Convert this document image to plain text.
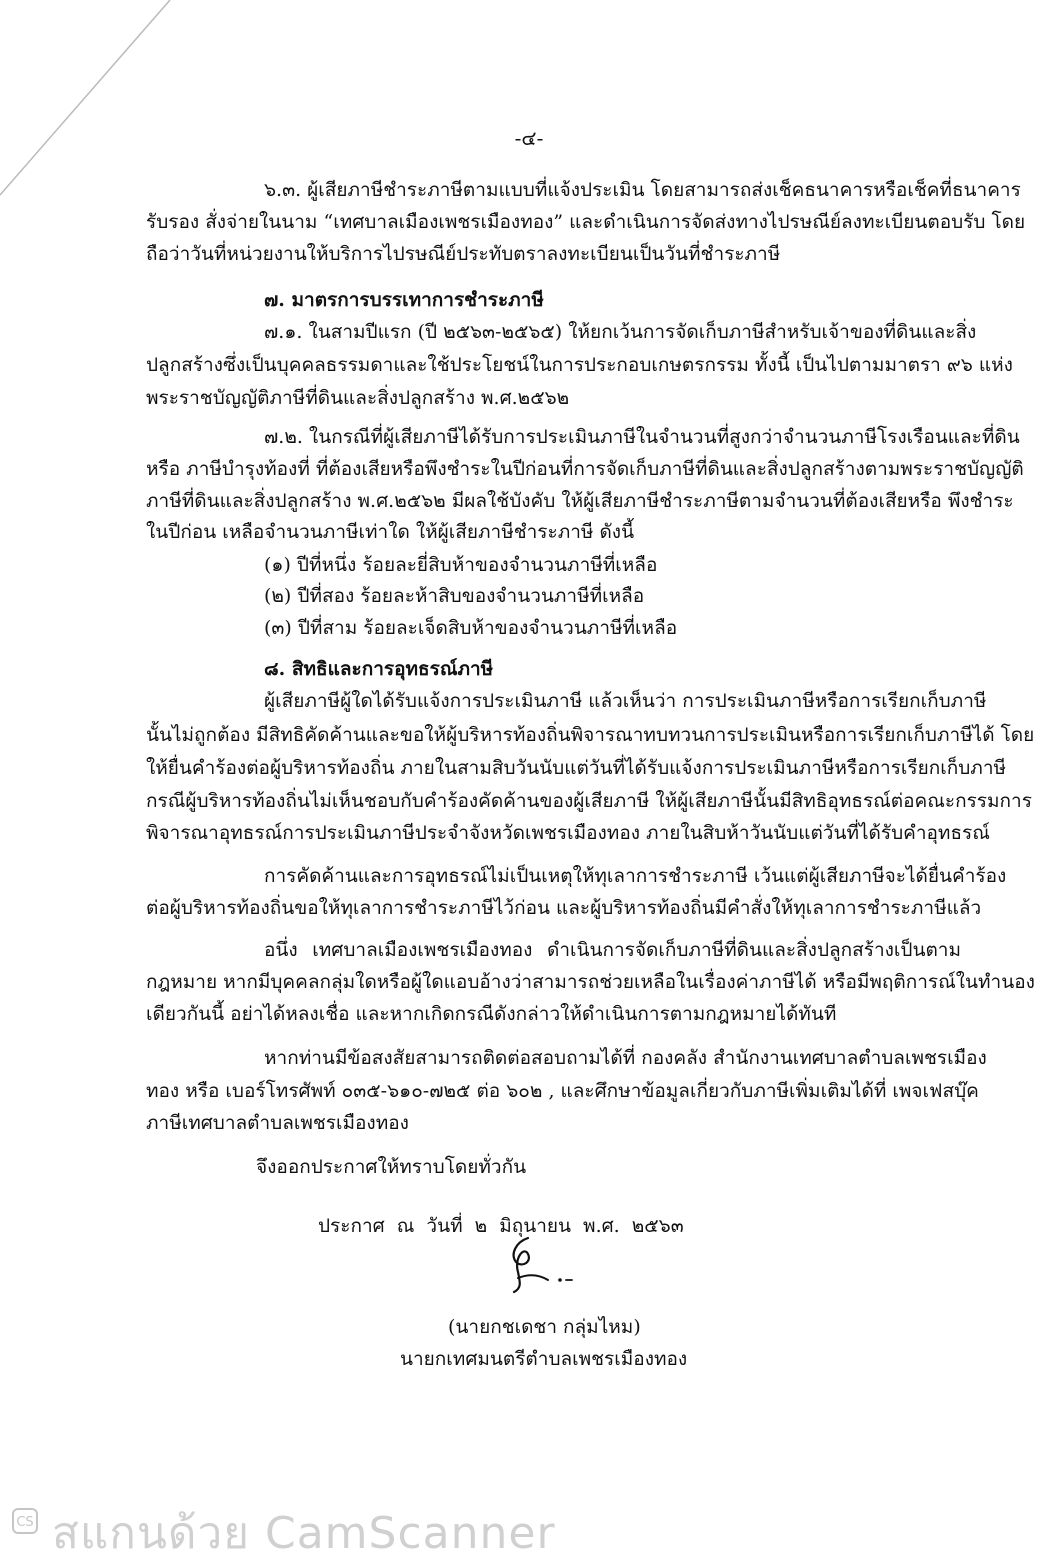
-๔-
๖.๓. ผู้เสียภาษีชำระภาษีตามแบบที่แจ้งประเมิน โดยสามารถส่งเช็คธนาคารหรือเช็คที่ธนาคาร
รับรอง สั่งจ่ายในนาม “เทศบาลเมืองเพชรเมืองทอง” และดำเนินการจัดส่งทางไปรษณีย์ลงทะเบียนตอบรับ โดย
ถือว่าวันที่หน่วยงานให้บริการไปรษณีย์ประทับตราลงทะเบียนเป็นวันที่ชำระภาษี
๗. มาตรการบรรเทาการชำระภาษี
๗.๑. ในสามปีแรก (ปี ๒๕๖๓-๒๕๖๕) ให้ยกเว้นการจัดเก็บภาษีสำหรับเจ้าของที่ดินและสิ่ง
ปลูกสร้างซึ่งเป็นบุคคลธรรมดาและใช้ประโยชน์ในการประกอบเกษตรกรรม ทั้งนี้ เป็นไปตามมาตรา ๙๖ แห่ง
พระราชบัญญัติภาษีที่ดินและสิ่งปลูกสร้าง พ.ศ.๒๕๖๒
๗.๒. ในกรณีที่ผู้เสียภาษีได้รับการประเมินภาษีในจำนวนที่สูงกว่าจำนวนภาษีโรงเรือนและที่ดิน
หรือ ภาษีบำรุงท้องที่ ที่ต้องเสียหรือพึงชำระในปีก่อนที่การจัดเก็บภาษีที่ดินและสิ่งปลูกสร้างตามพระราชบัญญัติ
ภาษีที่ดินและสิ่งปลูกสร้าง พ.ศ.๒๕๖๒ มีผลใช้บังคับ ให้ผู้เสียภาษีชำระภาษีตามจำนวนที่ต้องเสียหรือ พึงชำระ
ในปีก่อน เหลือจำนวนภาษีเท่าใด ให้ผู้เสียภาษีชำระภาษี ดังนี้
(๑) ปีที่หนึ่ง ร้อยละยี่สิบห้าของจำนวนภาษีที่เหลือ
(๒) ปีที่สอง ร้อยละห้าสิบของจำนวนภาษีที่เหลือ
(๓) ปีที่สาม ร้อยละเจ็ดสิบห้าของจำนวนภาษีที่เหลือ
๘. สิทธิและการอุทธรณ์ภาษี
ผู้เสียภาษีผู้ใดได้รับแจ้งการประเมินภาษี แล้วเห็นว่า การประเมินภาษีหรือการเรียกเก็บภาษี
นั้นไม่ถูกต้อง มีสิทธิคัดค้านและขอให้ผู้บริหารท้องถิ่นพิจารณาทบทวนการประเมินหรือการเรียกเก็บภาษีได้ โดย
ให้ยื่นคำร้องต่อผู้บริหารท้องถิ่น ภายในสามสิบวันนับแต่วันที่ได้รับแจ้งการประเมินภาษีหรือการเรียกเก็บภาษี
กรณีผู้บริหารท้องถิ่นไม่เห็นชอบกับคำร้องคัดค้านของผู้เสียภาษี ให้ผู้เสียภาษีนั้นมีสิทธิอุทธรณ์ต่อคณะกรรมการ
พิจารณาอุทธรณ์การประเมินภาษีประจำจังหวัดเพชรเมืองทอง ภายในสิบห้าวันนับแต่วันที่ได้รับคำอุทธรณ์
การคัดค้านและการอุทธรณ์ไม่เป็นเหตุให้ทุเลาการชำระภาษี เว้นแต่ผู้เสียภาษีจะได้ยื่นคำร้อง
ต่อผู้บริหารท้องถิ่นขอให้ทุเลาการชำระภาษีไว้ก่อน และผู้บริหารท้องถิ่นมีคำสั่งให้ทุเลาการชำระภาษีแล้ว
อนึ่ง เทศบาลเมืองเพชรเมืองทอง ดำเนินการจัดเก็บภาษีที่ดินและสิ่งปลูกสร้างเป็นตาม
กฎหมาย หากมีบุคคลกลุ่มใดหรือผู้ใดแอบอ้างว่าสามารถช่วยเหลือในเรื่องค่าภาษีได้ หรือมีพฤติการณ์ในทำนอง
เดียวกันนี้ อย่าได้หลงเชื่อ และหากเกิดกรณีดังกล่าวให้ดำเนินการตามกฎหมายได้ทันที
หากท่านมีข้อสงสัยสามารถติดต่อสอบถามได้ที่ กองคลัง สำนักงานเทศบาลตำบลเพชรเมือง
ทอง หรือ เบอร์โทรศัพท์ ๐๓๕-๖๑๐-๗๒๕ ต่อ ๖๐๒ , และศึกษาข้อมูลเกี่ยวกับภาษีเพิ่มเติมได้ที่ เพจเฟสบุ๊ค
ภาษีเทศบาลตำบลเพชรเมืองทอง
จึงออกประกาศให้ทราบโดยทั่วกัน
ประกาศ ณ วันที่ ๒ มิถุนายน พ.ศ. ๒๕๖๓
(นายกชเดชา กลุ่มไหม)
นายกเทศมนตรีตำบลเพชรเมืองทอง
CS สแกนด้วย CamScanner
